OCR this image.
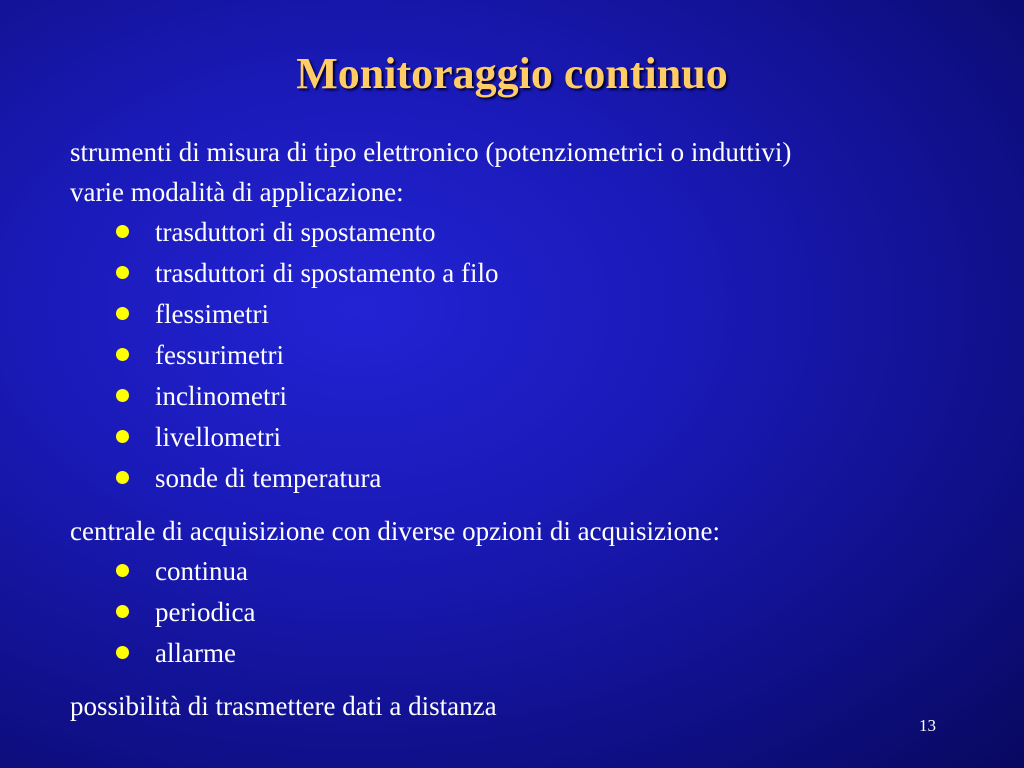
Monitoraggio continuo
strumenti di misura di tipo elettronico (potenziometrici o induttivi)
varie modalità di applicazione:
trasduttori di spostamento
trasduttori di spostamento a filo
flessimetri
fessurimetri
inclinometri
livellometri
sonde di temperatura
centrale di acquisizione con diverse opzioni di acquisizione:
continua
periodica
allarme
possibilità di trasmettere dati a distanza
13
